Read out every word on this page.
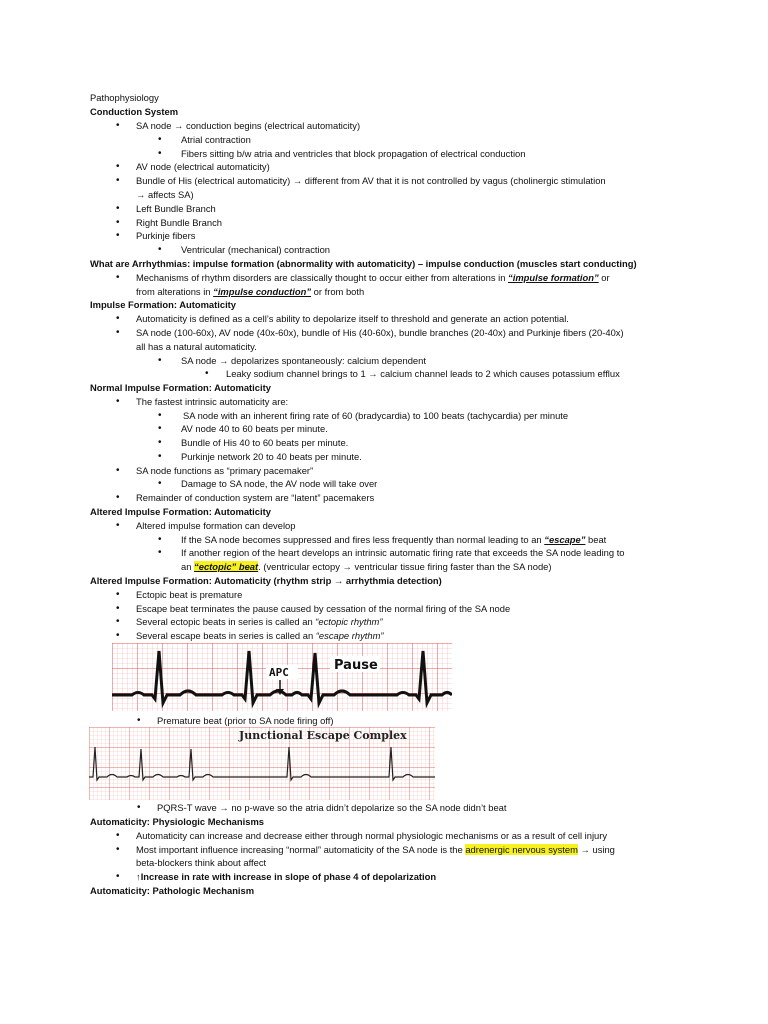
Pathophysiology
Conduction System
• SA node → conduction begins (electrical automaticity)
• Atrial contraction
• Fibers sitting b/w atria and ventricles that block propagation of electrical conduction
• AV node (electrical automaticity)
• Bundle of His (electrical automaticity) → different from AV that it is not controlled by vagus (cholinergic stimulation
→ affects SA)
• Left Bundle Branch
• Right Bundle Branch
• Purkinje fibers
• Ventricular (mechanical) contraction
What are Arrhythmias: impulse formation (abnormality with automaticity) – impulse conduction (muscles start conducting)
• Mechanisms of rhythm disorders are classically thought to occur either from alterations in “impulse formation” or
from alterations in “impulse conduction” or from both
Impulse Formation: Automaticity
• Automaticity is defined as a cell’s ability to depolarize itself to threshold and generate an action potential.
• SA node (100-60x), AV node (40x-60x), bundle of His (40-60x), bundle branches (20-40x) and Purkinje fibers (20-40x)
all has a natural automaticity.
• SA node → depolarizes spontaneously: calcium dependent
• Leaky sodium channel brings to 1 → calcium channel leads to 2 which causes potassium efflux
Normal Impulse Formation: Automaticity
• The fastest intrinsic automaticity are:
• SA node with an inherent firing rate of 60 (bradycardia) to 100 beats (tachycardia) per minute
• AV node 40 to 60 beats per minute.
• Bundle of His 40 to 60 beats per minute.
• Purkinje network 20 to 40 beats per minute.
• SA node functions as “primary pacemaker”
• Damage to SA node, the AV node will take over
• Remainder of conduction system are “latent” pacemakers
Altered Impulse Formation: Automaticity
• Altered impulse formation can develop
• If the SA node becomes suppressed and fires less frequently than normal leading to an “escape” beat
• If another region of the heart develops an intrinsic automatic firing rate that exceeds the SA node leading to
an “ectopic” beat. (ventricular ectopy → ventricular tissue firing faster than the SA node)
Altered Impulse Formation: Automaticity (rhythm strip → arrhythmia detection)
• Ectopic beat is premature
• Escape beat terminates the pause caused by cessation of the normal firing of the SA node
• Several ectopic beats in series is called an “ectopic rhythm”
• Several escape beats in series is called an “escape rhythm”
APC	Pause
• Premature beat (prior to SA node firing off)
Junctional Escape Complex
• PQRS-T wave → no p-wave so the atria didn’t depolarize so the SA node didn’t beat
Automaticity: Physiologic Mechanisms
• Automaticity can increase and decrease either through normal physiologic mechanisms or as a result of cell injury
• Most important influence increasing “normal” automaticity of the SA node is the adrenergic nervous system → using
beta-blockers think about affect
• ↑Increase in rate with increase in slope of phase 4 of depolarization
Automaticity: Pathologic Mechanism
